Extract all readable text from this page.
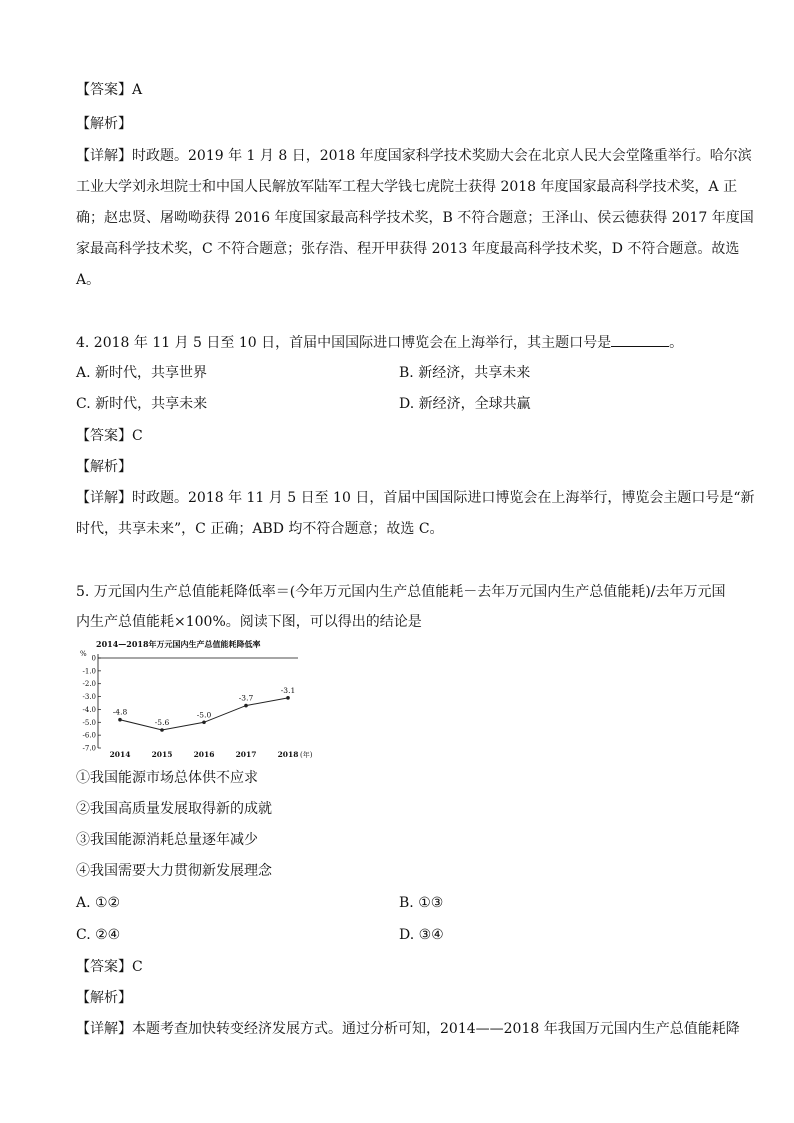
【答案】A
【解析】
【详解】时政题。2019 年 1 月 8 日，2018 年度国家科学技术奖励大会在北京人民大会堂隆重举行。哈尔滨
工业大学刘永坦院士和中国人民解放军陆军工程大学钱七虎院士获得 2018 年度国家最高科学技术奖，A 正
确；赵忠贤、屠呦呦获得 2016 年度国家最高科学技术奖，B 不符合题意；王泽山、侯云德获得 2017 年度国
家最高科学技术奖，C 不符合题意；张存浩、程开甲获得 2013 年度最高科学技术奖，D 不符合题意。故选
A。
4. 2018 年 11 月 5 日至 10 日，首届中国国际进口博览会在上海举行，其主题口号是	。
A. 新时代，共享世界	B. 新经济，共享未来
C. 新时代，共享未来	D. 新经济，全球共赢
【答案】C
【解析】
【详解】时政题。2018 年 11 月 5 日至 10 日，首届中国国际进口博览会在上海举行，博览会主题口号是“新
时代，共享未来”，C 正确；ABD 均不符合题意；故选 C。
5. 万元国内生产总值能耗降低率＝(今年万元国内生产总值能耗－去年万元国内生产总值能耗)/去年万元国
内生产总值能耗×100%。阅读下图，可以得出的结论是
2014—2018年万元国内生产总值能耗降低率
%
0
-1.0
-2.0
-3.0
-4.0
-5.0
-6.0
-7.0
2014	2015	2016	2017	2018 (年)
-4.8
-5.6
-5.0
-3.7
-3.1
①我国能源市场总体供不应求
②我国高质量发展取得新的成就
③我国能源消耗总量逐年减少
④我国需要大力贯彻新发展理念
A. ①②	B. ①③
C. ②④	D. ③④
【答案】C
【解析】
【详解】本题考查加快转变经济发展方式。通过分析可知，2014——2018 年我国万元国内生产总值能耗降
